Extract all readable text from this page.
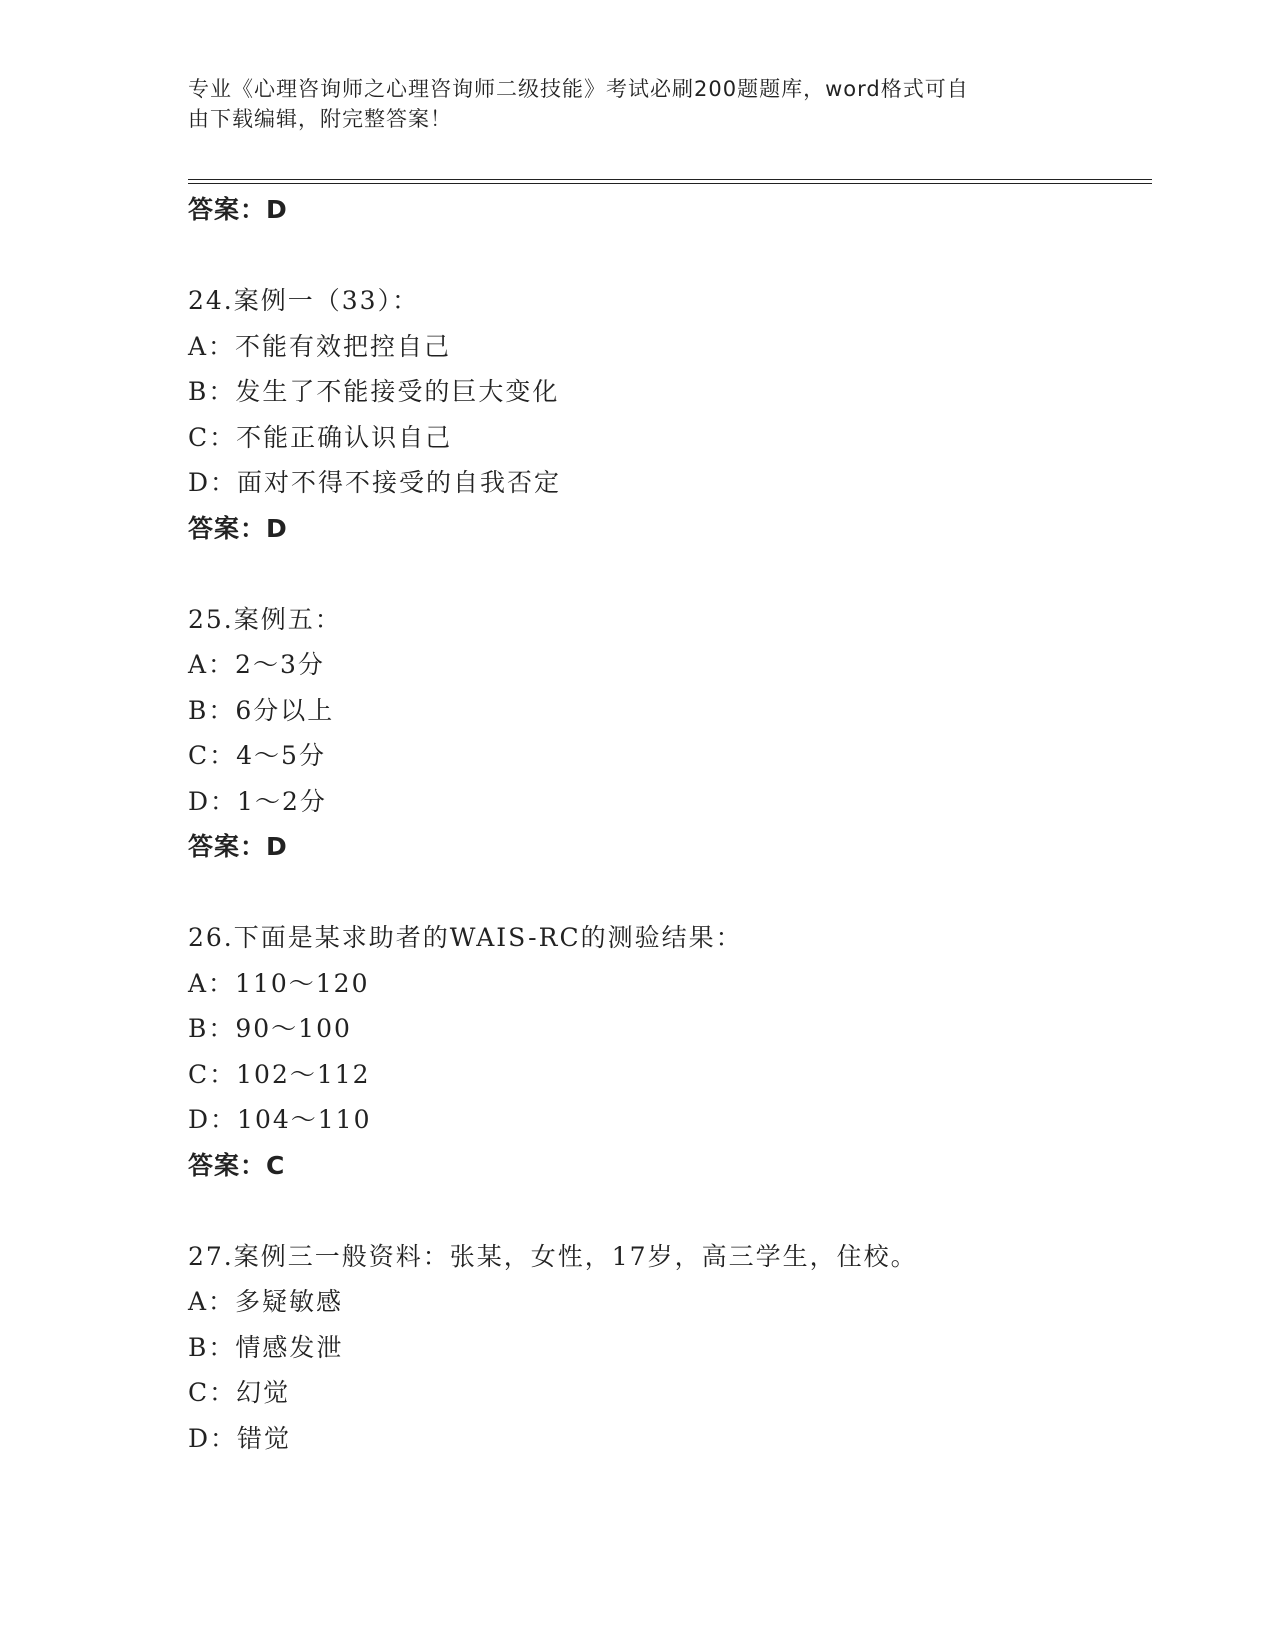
专业《心理咨询师之心理咨询师二级技能》考试必刷200题题库，word格式可自
由下载编辑，附完整答案！
答案：D
24.案例一（33）：
A：不能有效把控自己
B：发生了不能接受的巨大变化
C：不能正确认识自己
D：面对不得不接受的自我否定
答案：D
25.案例五：
A：2～3分
B：6分以上
C：4～5分
D：1～2分
答案：D
26.下面是某求助者的WAIS-RC的测验结果：
A：110～120
B：90～100
C：102～112
D：104～110
答案：C
27.案例三一般资料：张某，女性，17岁，高三学生，住校。
A：多疑敏感
B：情感发泄
C：幻觉
D：错觉
